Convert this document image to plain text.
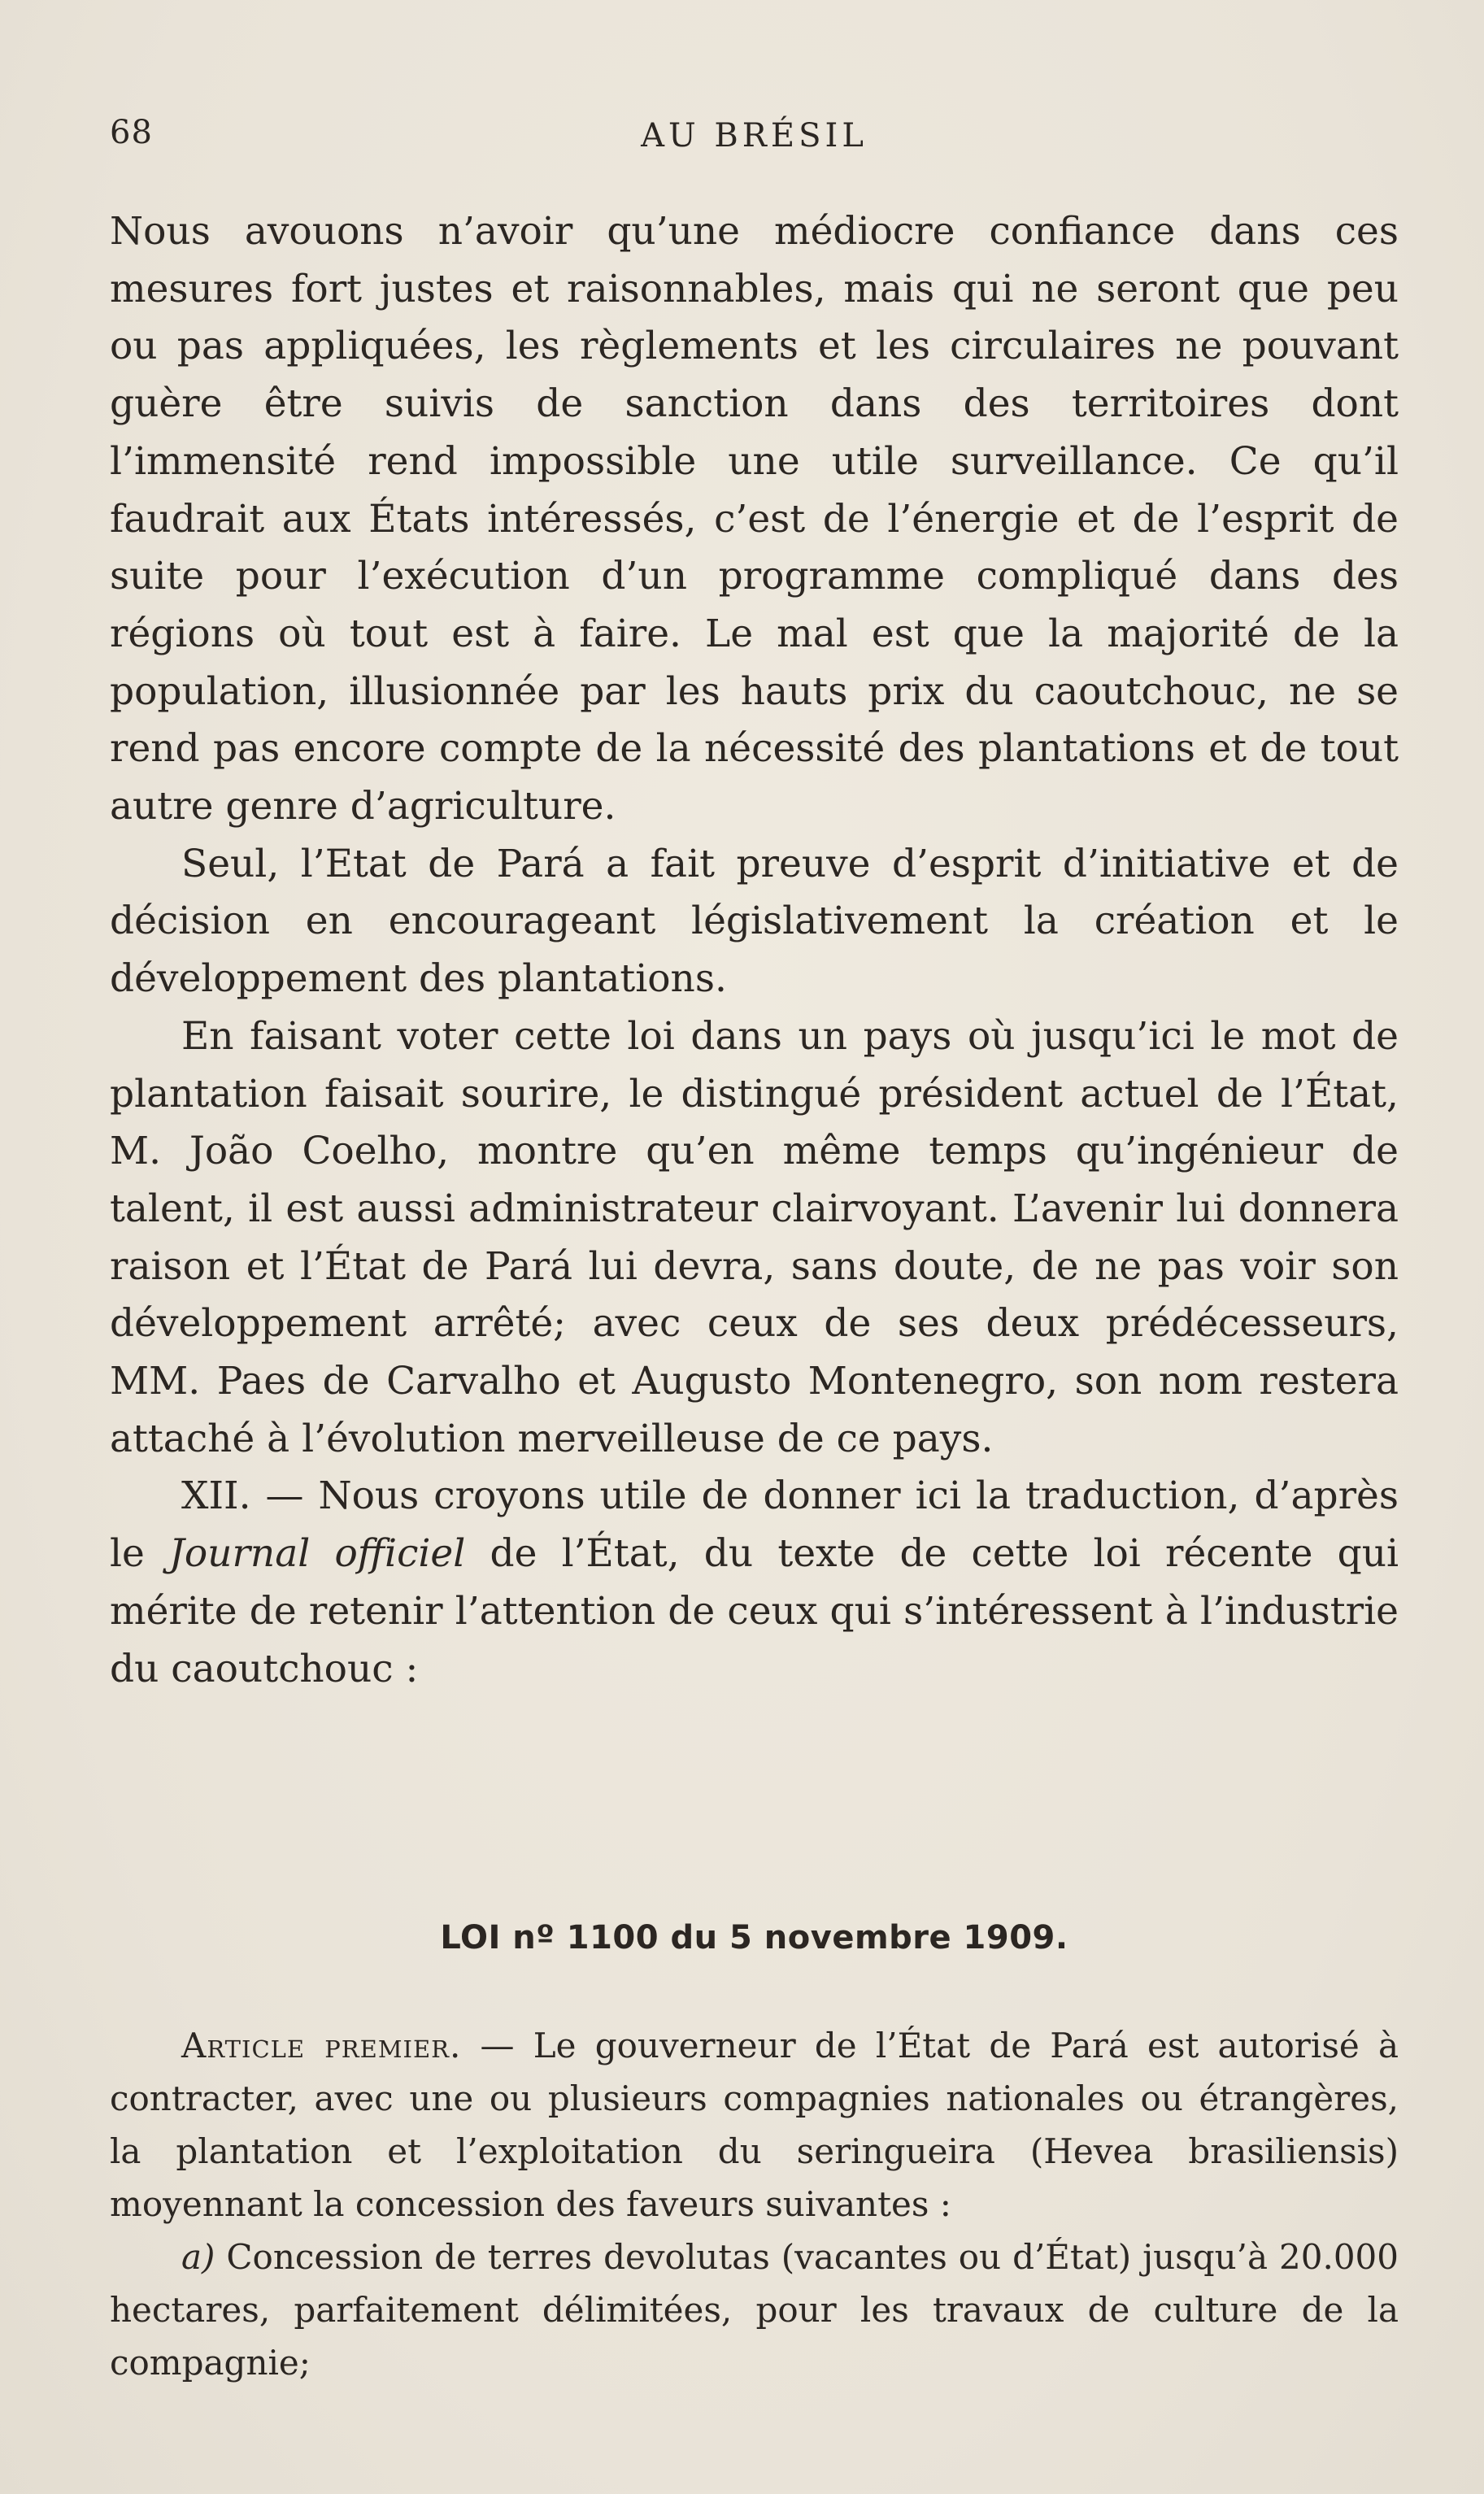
68	AU BRÉSIL

Nous avouons n’avoir qu’une médiocre confiance dans ces mesures fort justes et raisonnables, mais qui ne seront que peu ou pas appliquées, les règlements et les circulaires ne pouvant guère être suivis de sanction dans des territoires dont l’immensité rend impossible une utile surveillance. Ce qu’il faudrait aux États intéressés, c’est de l’énergie et de l’esprit de suite pour l’exécution d’un programme compliqué dans des régions où tout est à faire. Le mal est que la majorité de la population, illusionnée par les hauts prix du caoutchouc, ne se rend pas encore compte de la nécessité des plantations et de tout autre genre d’agriculture.

Seul, l’Etat de Pará a fait preuve d’esprit d’initiative et de décision en encourageant législativement la création et le développement des plantations.

En faisant voter cette loi dans un pays où jusqu’ici le mot de plantation faisait sourire, le distingué président actuel de l’État, M. João Coelho, montre qu’en même temps qu’ingénieur de talent, il est aussi administrateur clairvoyant. L’avenir lui donnera raison et l’État de Pará lui devra, sans doute, de ne pas voir son développement arrêté; avec ceux de ses deux prédécesseurs, MM. Paes de Carvalho et Augusto Montenegro, son nom restera attaché à l’évolution merveilleuse de ce pays.

XII. — Nous croyons utile de donner ici la traduction, d’après le Journal officiel de l’État, du texte de cette loi récente qui mérite de retenir l’attention de ceux qui s’intéressent à l’industrie du caoutchouc :

LOI nº 1100 du 5 novembre 1909.

Article premier. — Le gouverneur de l’État de Pará est autorisé à contracter, avec une ou plusieurs compagnies nationales ou étrangères, la plantation et l’exploitation du seringueira (Hevea brasiliensis) moyennant la concession des faveurs suivantes :

a) Concession de terres devolutas (vacantes ou d’État) jusqu’à 20.000 hectares, parfaitement délimitées, pour les travaux de culture de la compagnie;
